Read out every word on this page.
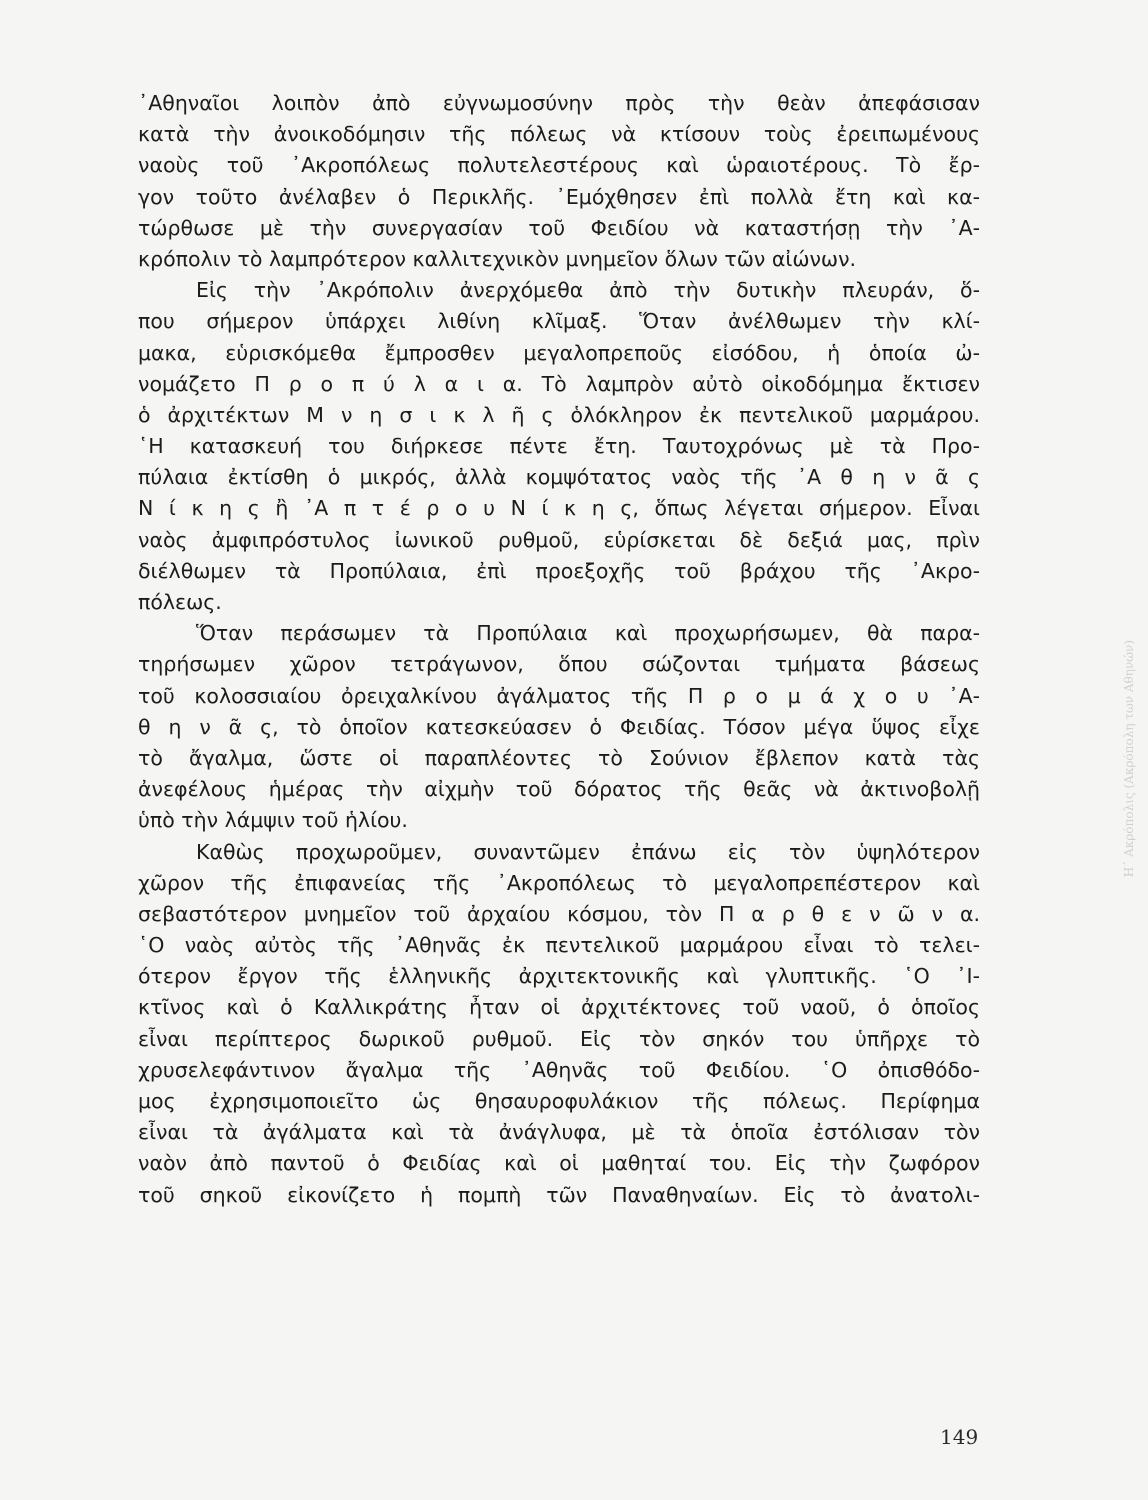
᾿Αθηναῖοι λοιπὸν ἀπὸ εὐγνωμοσύνην πρὸς τὴν θεὰν ἀπεφάσισαν
κατὰ τὴν ἀνοικοδόμησιν τῆς πόλεως νὰ κτίσουν τοὺς ἐρειπωμένους
ναοὺς τοῦ ᾿Ακροπόλεως πολυτελεστέρους καὶ ὡραιοτέρους. Τὸ ἔρ-
γον τοῦτο ἀνέλαβεν ὁ Περικλῆς. ᾿Εμόχθησεν ἐπὶ πολλὰ ἔτη καὶ κα-
τώρθωσε μὲ τὴν συνεργασίαν τοῦ Φειδίου νὰ καταστήσῃ τὴν ᾿Α-
κρόπολιν τὸ λαμπρότερον καλλιτεχνικὸν μνημεῖον ὅλων τῶν αἰώνων.
Εἰς τὴν ᾿Ακρόπολιν ἀνερχόμεθα ἀπὸ τὴν δυτικὴν πλευράν, ὅ-
που σήμερον ὑπάρχει λιθίνη κλῖμαξ. Ὅταν ἀνέλθωμεν τὴν κλί-
μακα, εὑρισκόμεθα ἔμπροσθεν μεγαλοπρεποῦς εἰσόδου, ἡ ὁποία ὠ-
νομάζετο Π ρ ο π ύ λ α ι α. Τὸ λαμπρὸν αὐτὸ οἰκοδόμημα ἔκτισεν
ὁ ἀρχιτέκτων Μ ν η σ ι κ λ ῆ ς ὁλόκληρον ἐκ πεντελικοῦ μαρμάρου.
῾Η κατασκευή του διήρκεσε πέντε ἔτη. Ταυτοχρόνως μὲ τὰ Προ-
πύλαια ἐκτίσθη ὁ μικρός, ἀλλὰ κομψότατος ναὸς τῆς ᾿Α θ η ν ᾶ ς
Ν ί κ η ς ἢ ᾿Α π τ έ ρ ο υ Ν ί κ η ς, ὅπως λέγεται σήμερον. Εἶναι
ναὸς ἀμφιπρόστυλος ἰωνικοῦ ρυθμοῦ, εὑρίσκεται δὲ δεξιά μας, πρὶν
διέλθωμεν τὰ Προπύλαια, ἐπὶ προεξοχῆς τοῦ βράχου τῆς ᾿Ακρο-
πόλεως.
Ὅταν περάσωμεν τὰ Προπύλαια καὶ προχωρήσωμεν, θὰ παρα-
τηρήσωμεν χῶρον τετράγωνον, ὅπου σώζονται τμήματα βάσεως
τοῦ κολοσσιαίου ὀρειχαλκίνου ἀγάλματος τῆς Π ρ ο μ ά χ ο υ ᾿Α-
θ η ν ᾶ ς, τὸ ὁποῖον κατεσκεύασεν ὁ Φειδίας. Τόσον μέγα ὕψος εἶχε
τὸ ἄγαλμα, ὥστε οἱ παραπλέοντες τὸ Σούνιον ἔβλεπον κατὰ τὰς
ἀνεφέλους ἡμέρας τὴν αἰχμὴν τοῦ δόρατος τῆς θεᾶς νὰ ἀκτινοβολῇ
ὑπὸ τὴν λάμψιν τοῦ ἡλίου.
Καθὼς προχωροῦμεν, συναντῶμεν ἐπάνω εἰς τὸν ὑψηλότερον
χῶρον τῆς ἐπιφανείας τῆς ᾿Ακροπόλεως τὸ μεγαλοπρεπέστερον καὶ
σεβαστότερον μνημεῖον τοῦ ἀρχαίου κόσμου, τὸν Π α ρ θ ε ν ῶ ν α.
῾Ο ναὸς αὐτὸς τῆς ᾿Αθηνᾶς ἐκ πεντελικοῦ μαρμάρου εἶναι τὸ τελει-
ότερον ἔργον τῆς ἑλληνικῆς ἀρχιτεκτονικῆς καὶ γλυπτικῆς. ῾Ο ᾿Ι-
κτῖνος καὶ ὁ Καλλικράτης ἦταν οἱ ἀρχιτέκτονες τοῦ ναοῦ, ὁ ὁποῖος
εἶναι περίπτερος δωρικοῦ ρυθμοῦ. Εἰς τὸν σηκόν του ὑπῆρχε τὸ
χρυσελεφάντινον ἄγαλμα τῆς ᾿Αθηνᾶς τοῦ Φειδίου. ῾Ο ὀπισθόδο-
μος ἐχρησιμοποιεῖτο ὡς θησαυροφυλάκιον τῆς πόλεως. Περίφημα
εἶναι τὰ ἀγάλματα καὶ τὰ ἀνάγλυφα, μὲ τὰ ὁποῖα ἐστόλισαν τὸν
ναὸν ἀπὸ παντοῦ ὁ Φειδίας καὶ οἱ μαθηταί του. Εἰς τὴν ζωφόρον
τοῦ σηκοῦ εἰκονίζετο ἡ πομπὴ τῶν Παναθηναίων. Εἰς τὸ ἀνατολι-
Η΄ Ακρόπολις (Ακρόπολη των Αθηνών)
149
